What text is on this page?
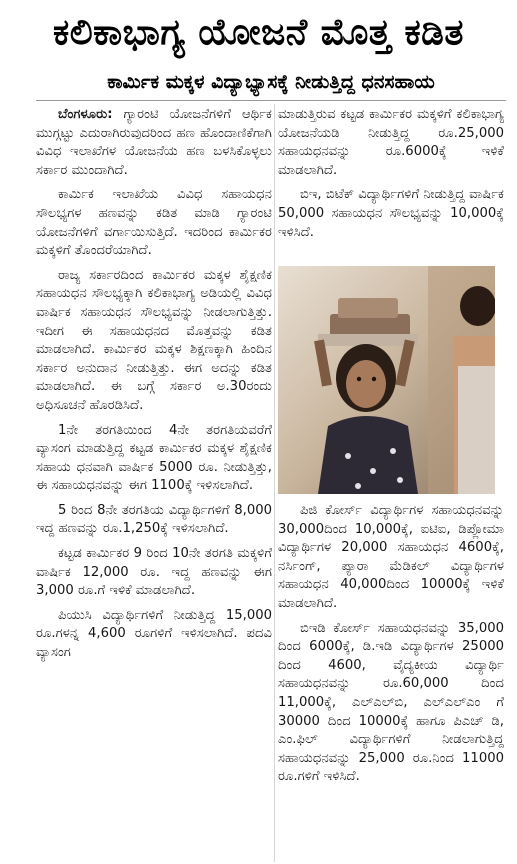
ಕಲಿಕಾಭಾಗ್ಯ ಯೋಜನೆ ಮೊತ್ತ ಕಡಿತ
ಕಾರ್ಮಿಕ ಮಕ್ಕಳ ವಿದ್ಯಾಭ್ಯಾಸಕ್ಕೆ ನೀಡುತ್ತಿದ್ದ ಧನಸಹಾಯ

ಬೆಂಗಳೂರು: ಗ್ಯಾರಂಟಿ ಯೋಜನೆಗಳಿಗೆ ಆರ್ಥಿಕ ಮುಗ್ಗಟ್ಟು ಎದುರಾಗಿರುವುದರಿಂದ ಹಣ ಹೊಂದಾಣಿಕೆಗಾಗಿ ವಿವಿಧ ಇಲಾಖೆಗಳ ಯೋಜನೆಯ ಹಣ ಬಳಸಿಕೊಳ್ಳಲು ಸರ್ಕಾರ ಮುಂದಾಗಿದೆ.

ಕಾರ್ಮಿಕ ಇಲಾಖೆಯ ವಿವಿಧ ಸಹಾಯಧನ ಸೌಲಭ್ಯಗಳ ಹಣವನ್ನು ಕಡಿತ ಮಾಡಿ ಗ್ಯಾರಂಟಿ ಯೋಜನೆಗಳಿಗೆ ವರ್ಗಾಯಿಸುತ್ತಿದೆ. ಇದರಿಂದ ಕಾರ್ಮಿಕರ ಮಕ್ಕಳಿಗೆ ತೊಂದರೆಯಾಗಿದೆ.

ರಾಜ್ಯ ಸರ್ಕಾರದಿಂದ ಕಾರ್ಮಿಕರ ಮಕ್ಕಳ ಶೈಕ್ಷಣಿಕ ಸಹಾಯಧನ ಸೌಲಭ್ಯಕ್ಕಾಗಿ ಕಲಿಕಾಭಾಗ್ಯ ಅಡಿಯಲ್ಲಿ ವಿವಿಧ ವಾರ್ಷಿಕ ಸಹಾಯಧನ ಸೌಲಭ್ಯವನ್ನು ನೀಡಲಾಗುತ್ತಿತ್ತು. ಇದೀಗ ಈ ಸಹಾಯಧನದ ಮೊತ್ತವನ್ನು ಕಡಿತ ಮಾಡಲಾಗಿದೆ. ಕಾರ್ಮಿಕರ ಮಕ್ಕಳ ಶಿಕ್ಷಣಕ್ಕಾಗಿ ಹಿಂದಿನ ಸರ್ಕಾರ ಅನುದಾನ ನೀಡುತ್ತಿತ್ತು. ಈಗ ಅದನ್ನು ಕಡಿತ ಮಾಡಲಾಗಿದೆ. ಈ ಬಗ್ಗೆ ಸರ್ಕಾರ ಅ.30ರಂದು ಅಧಿಸೂಚನೆ ಹೊರಡಿಸಿದೆ.

1ನೇ ತರಗತಿಯಿಂದ 4ನೇ ತರಗತಿಯವರೆಗೆ ವ್ಯಾಸಂಗ ಮಾಡುತ್ತಿದ್ದ ಕಟ್ಟಡ ಕಾರ್ಮಿಕರ ಮಕ್ಕಳ ಶೈಕ್ಷಣಿಕ ಸಹಾಯ ಧನವಾಗಿ ವಾರ್ಷಿಕ 5000 ರೂ. ನೀಡುತ್ತಿತ್ತು, ಈ ಸಹಾಯಧನವನ್ನು ಈಗ 1100ಕ್ಕೆ ಇಳಿಸಲಾಗಿದೆ.

5 ರಿಂದ 8ನೇ ತರಗತಿಯ ವಿದ್ಯಾರ್ಥಿಗಳಿಗೆ 8,000 ಇದ್ದ ಹಣವನ್ನು ರೂ.1,250ಕ್ಕೆ ಇಳಿಸಲಾಗಿದೆ.

ಕಟ್ಟಡ ಕಾರ್ಮಿಕರ 9 ರಿಂದ 10ನೇ ತರಗತಿ ಮಕ್ಕಳಿಗೆ ವಾರ್ಷಿಕ 12,000 ರೂ. ಇದ್ದ ಹಣವನ್ನು ಈಗ 3,000 ರೂ.ಗೆ ಇಳಿಕೆ ಮಾಡಲಾಗಿದೆ.

ಪಿಯುಸಿ ವಿದ್ಯಾರ್ಥಿಗಳಿಗೆ ನೀಡುತ್ತಿದ್ದ 15,000 ರೂ.ಗಳನ್ನ 4,600 ರೂಗಳಿಗೆ ಇಳಿಸಲಾಗಿದೆ. ಪದವಿ ವ್ಯಾಸಂಗ

ಮಾಡುತ್ತಿರುವ ಕಟ್ಟಡ ಕಾರ್ಮಿಕರ ಮಕ್ಕಳಿಗೆ ಕಲಿಕಾಭಾಗ್ಯ ಯೋಜನೆಯಡಿ ನೀಡುತ್ತಿದ್ದ ರೂ.25,000 ಸಹಾಯಧನವನ್ನು ರೂ.6000ಕ್ಕೆ ಇಳಿಕೆ ಮಾಡಲಾಗಿದೆ.

ಬಿಇ, ಬಿಟೆಕ್ ವಿದ್ಯಾರ್ಥಿಗಳಿಗೆ ನೀಡುತ್ತಿದ್ದ ವಾರ್ಷಿಕ 50,000 ಸಹಾಯಧನ ಸೌಲಭ್ಯವನ್ನು 10,000ಕ್ಕೆ ಇಳಿಸಿದೆ.

ಪಿಜಿ ಕೋರ್ಸ್ ವಿದ್ಯಾರ್ಥಿಗಳ ಸಹಾಯಧನವನ್ನು 30,000ದಿಂದ 10,000ಕ್ಕೆ, ಐಟಿಐ, ಡಿಪ್ಲೋಮಾ ವಿದ್ಯಾರ್ಥಿಗಳ 20,000 ಸಹಾಯಧನ 4600ಕ್ಕೆ, ನರ್ಸಿಂಗ್, ಪ್ಯಾರಾ ಮೆಡಿಕಲ್ ವಿದ್ಯಾರ್ಥಿಗಳ ಸಹಾಯಧನ 40,000ದಿಂದ 10000ಕ್ಕೆ ಇಳಿಕೆ ಮಾಡಲಾಗಿದೆ.

ಬಿಇಡಿ ಕೋರ್ಸ್ ಸಹಾಯಧನವನ್ನು 35,000 ದಿಂದ 6000ಕ್ಕೆ, ಡಿ.ಇಡಿ ವಿದ್ಯಾರ್ಥಿಗಳ 25000 ದಿಂದ 4600, ವೈದ್ಯಕೀಯ ವಿದ್ಯಾರ್ಥಿ ಸಹಾಯಧನವನ್ನು ರೂ.60,000 ದಿಂದ 11,000ಕ್ಕೆ, ಎಲ್‌ಎಲ್‌ಬಿ, ಎಲ್‌ಎಲ್‌ಎಂ ಗೆ 30000 ದಿಂದ 10000ಕ್ಕೆ ಹಾಗೂ ಪಿಎಚ್ ಡಿ, ಎಂ.ಫಿಲ್ ವಿದ್ಯಾರ್ಥಿಗಳಿಗೆ ನೀಡಲಾಗುತ್ತಿದ್ದ ಸಹಾಯಧನವನ್ನು 25,000 ರೂ.ನಿಂದ 11000 ರೂ.ಗಳಿಗೆ ಇಳಿಸಿದೆ.
